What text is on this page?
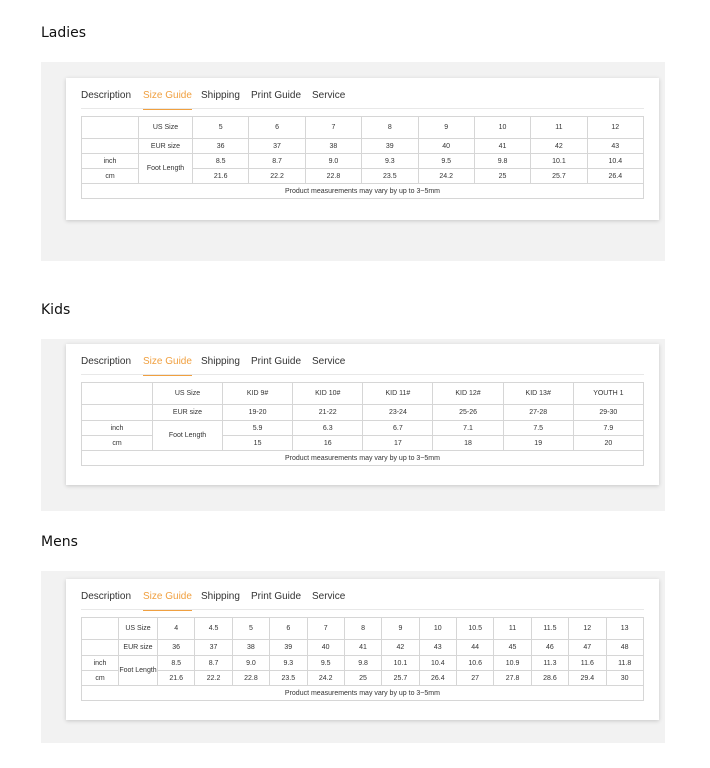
Ladies
Description Size Guide Shipping Print Guide Service
	US Size	5	6	7	8	9	10	11	12
	EUR size	36	37	38	39	40	41	42	43
inch	Foot Length	8.5	8.7	9.0	9.3	9.5	9.8	10.1	10.4
cm		21.6	22.2	22.8	23.5	24.2	25	25.7	26.4
Product measurements may vary by up to 3~5mm									
Kids
Description Size Guide Shipping Print Guide Service
	US Size	KID 9#	KID 10#	KID 11#	KID 12#	KID 13#	YOUTH 1
	EUR size	19-20	21-22	23-24	25-26	27-28	29-30
inch	Foot Length	5.9	6.3	6.7	7.1	7.5	7.9
cm		15	16	17	18	19	20
Product measurements may vary by up to 3~5mm							
Mens
Description Size Guide Shipping Print Guide Service
	US Size	4	4.5	5	6	7	8	9	10	10.5	11	11.5	12	13
	EUR size	36	37	38	39	40	41	42	43	44	45	46	47	48
inch	Foot Length	8.5	8.7	9.0	9.3	9.5	9.8	10.1	10.4	10.6	10.9	11.3	11.6	11.8
cm		21.6	22.2	22.8	23.5	24.2	25	25.7	26.4	27	27.8	28.6	29.4	30
Product measurements may vary by up to 3~5mm														
